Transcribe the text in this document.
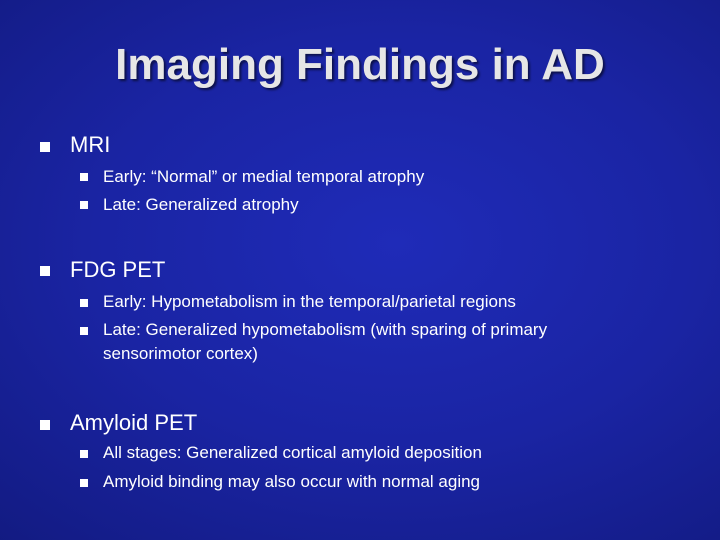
Imaging Findings in AD
MRI
Early: “Normal” or medial temporal atrophy
Late: Generalized atrophy
FDG PET
Early: Hypometabolism in the temporal/parietal regions
Late: Generalized hypometabolism (with sparing of primary sensorimotor cortex)
Amyloid PET
All stages: Generalized cortical amyloid deposition
Amyloid binding may also occur with normal aging
